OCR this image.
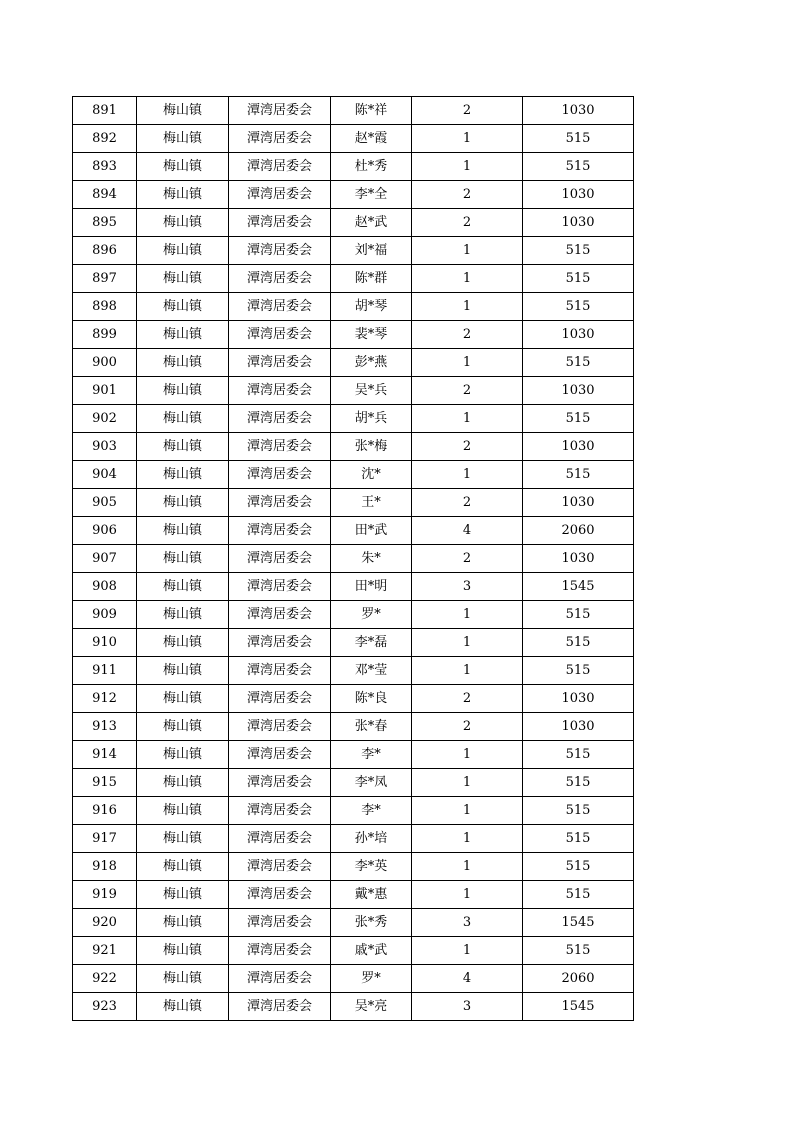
891	梅山镇	潭湾居委会	陈*祥	2	1030
892	梅山镇	潭湾居委会	赵*霞	1	515
893	梅山镇	潭湾居委会	杜*秀	1	515
894	梅山镇	潭湾居委会	李*全	2	1030
895	梅山镇	潭湾居委会	赵*武	2	1030
896	梅山镇	潭湾居委会	刘*福	1	515
897	梅山镇	潭湾居委会	陈*群	1	515
898	梅山镇	潭湾居委会	胡*琴	1	515
899	梅山镇	潭湾居委会	裴*琴	2	1030
900	梅山镇	潭湾居委会	彭*燕	1	515
901	梅山镇	潭湾居委会	吴*兵	2	1030
902	梅山镇	潭湾居委会	胡*兵	1	515
903	梅山镇	潭湾居委会	张*梅	2	1030
904	梅山镇	潭湾居委会	沈*	1	515
905	梅山镇	潭湾居委会	王*	2	1030
906	梅山镇	潭湾居委会	田*武	4	2060
907	梅山镇	潭湾居委会	朱*	2	1030
908	梅山镇	潭湾居委会	田*明	3	1545
909	梅山镇	潭湾居委会	罗*	1	515
910	梅山镇	潭湾居委会	李*磊	1	515
911	梅山镇	潭湾居委会	邓*莹	1	515
912	梅山镇	潭湾居委会	陈*良	2	1030
913	梅山镇	潭湾居委会	张*春	2	1030
914	梅山镇	潭湾居委会	李*	1	515
915	梅山镇	潭湾居委会	李*凤	1	515
916	梅山镇	潭湾居委会	李*	1	515
917	梅山镇	潭湾居委会	孙*培	1	515
918	梅山镇	潭湾居委会	李*英	1	515
919	梅山镇	潭湾居委会	戴*惠	1	515
920	梅山镇	潭湾居委会	张*秀	3	1545
921	梅山镇	潭湾居委会	戚*武	1	515
922	梅山镇	潭湾居委会	罗*	4	2060
923	梅山镇	潭湾居委会	吴*亮	3	1545
